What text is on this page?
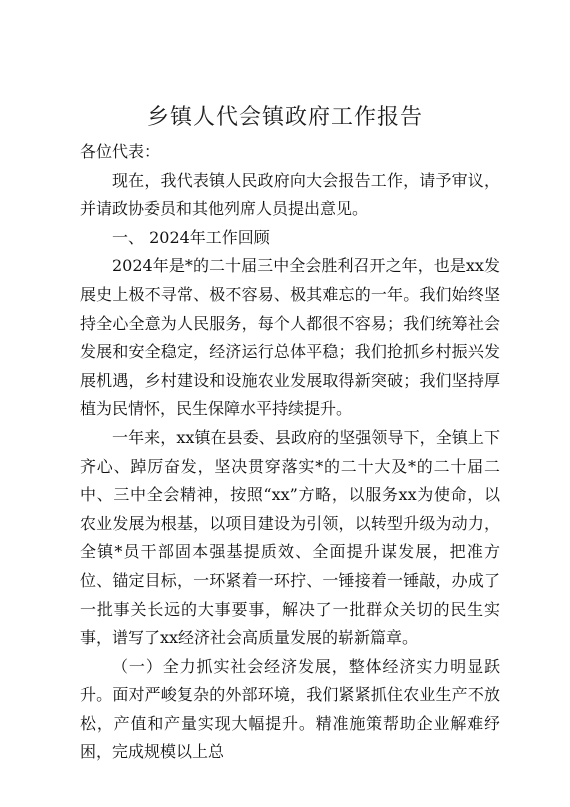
乡镇人代会镇政府工作报告

各位代表：

现在，我代表镇人民政府向大会报告工作，请予审议，并请政协委员和其他列席人员提出意见。

一、 2024年工作回顾

2024年是*的二十届三中全会胜利召开之年，也是xx发展史上极不寻常、极不容易、极其难忘的一年。我们始终坚持全心全意为人民服务，每个人都很不容易；我们统筹社会发展和安全稳定，经济运行总体平稳；我们抢抓乡村振兴发展机遇，乡村建设和设施农业发展取得新突破；我们坚持厚植为民情怀，民生保障水平持续提升。

一年来，xx镇在县委、县政府的坚强领导下，全镇上下齐心、踔厉奋发，坚决贯穿落实*的二十大及*的二十届二中、三中全会精神，按照“xx”方略，以服务xx为使命，以农业发展为根基，以项目建设为引领，以转型升级为动力，全镇*员干部固本强基提质效、全面提升谋发展，把准方位、锚定目标，一环紧着一环拧、一锤接着一锤敲，办成了一批事关长远的大事要事，解决了一批群众关切的民生实事，谱写了xx经济社会高质量发展的崭新篇章。

（一）全力抓实社会经济发展，整体经济实力明显跃升。面对严峻复杂的外部环境，我们紧紧抓住农业生产不放松，产值和产量实现大幅提升。精准施策帮助企业解难纾困，完成规模以上总
